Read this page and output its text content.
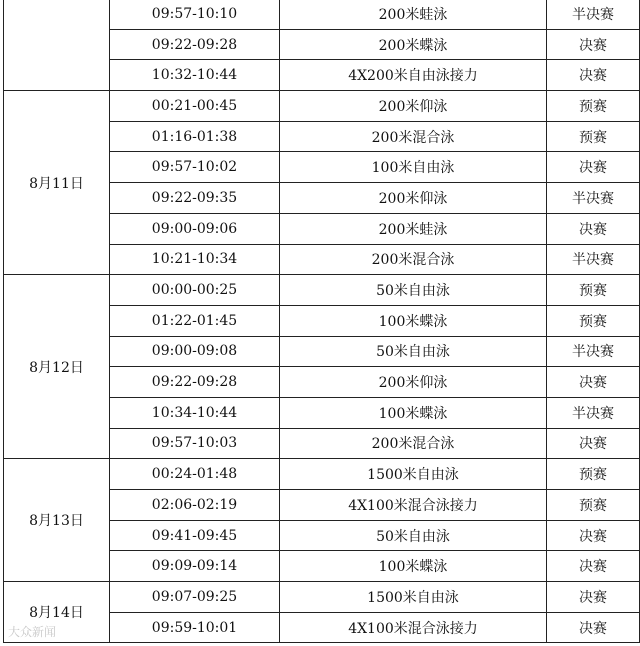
	09:57-10:10	200米蛙泳	半决赛
	09:22-09:28	200米蝶泳	决赛
	10:32-10:44	4X200米自由泳接力	决赛
8月11日	00:21-00:45	200米仰泳	预赛
	01:16-01:38	200米混合泳	预赛
	09:57-10:02	100米自由泳	决赛
	09:22-09:35	200米仰泳	半决赛
	09:00-09:06	200米蛙泳	决赛
	10:21-10:34	200米混合泳	半决赛
8月12日	00:00-00:25	50米自由泳	预赛
	01:22-01:45	100米蝶泳	预赛
	09:00-09:08	50米自由泳	半决赛
	09:22-09:28	200米仰泳	决赛
	10:34-10:44	100米蝶泳	半决赛
	09:57-10:03	200米混合泳	决赛
8月13日	00:24-01:48	1500米自由泳	预赛
	02:06-02:19	4X100米混合泳接力	预赛
	09:41-09:45	50米自由泳	决赛
	09:09-09:14	100米蝶泳	决赛
8月14日	09:07-09:25	1500米自由泳	决赛
	09:59-10:01	4X100米混合泳接力	决赛
大众新闻
